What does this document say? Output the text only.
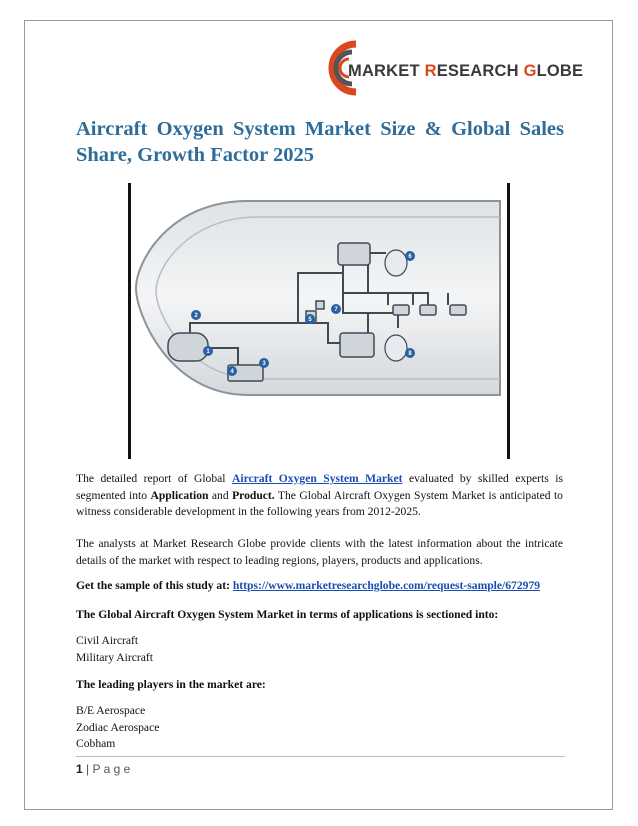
MARKET RESEARCH GLOBE
Aircraft Oxygen System Market Size & Global Sales Share, Growth Factor 2025
1
2
3
4
5
6
7
8
The detailed report of Global Aircraft Oxygen System Market evaluated by skilled experts is segmented into Application and Product. The Global Aircraft Oxygen System Market is anticipated to witness considerable development in the following years from 2012-2025.
The analysts at Market Research Globe provide clients with the latest information about the intricate details of the market with respect to leading regions, players, products and applications.
Get the sample of this study at: https://www.marketresearchglobe.com/request-sample/672979
The Global Aircraft Oxygen System Market in terms of applications is sectioned into:
Civil Aircraft
Military Aircraft
The leading players in the market are:
B/E Aerospace
Zodiac Aerospace
Cobham
1 | P a g e
